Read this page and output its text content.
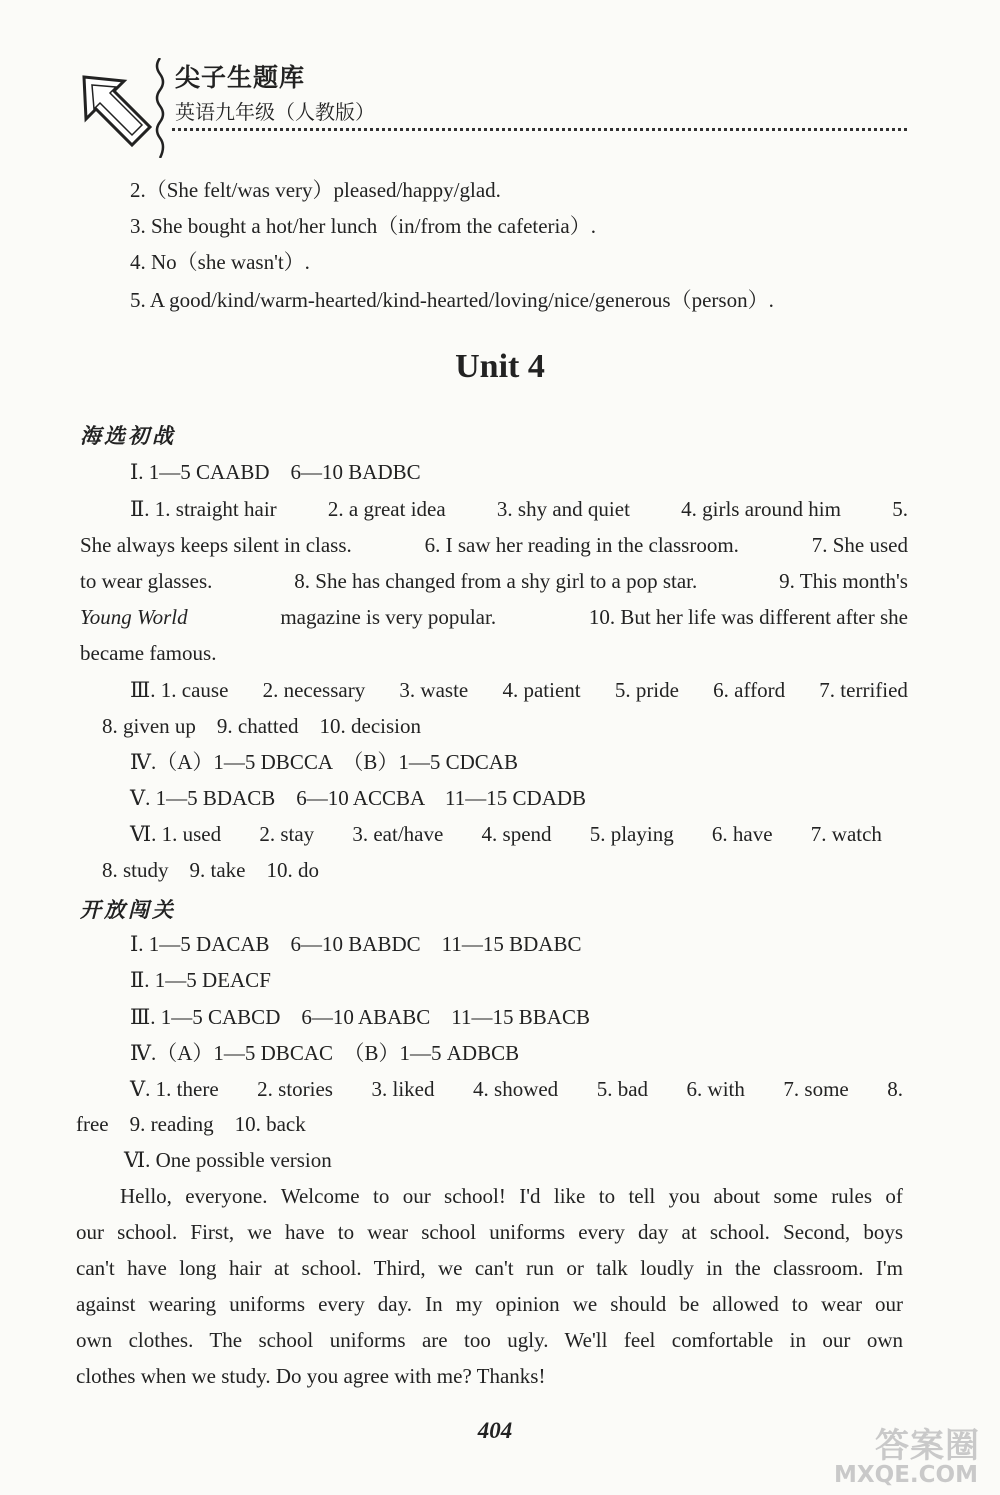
尖子生题库
英语九年级（人教版）
2.（She felt/was very）pleased/happy/glad.
3. She bought a hot/her lunch（in/from the cafeteria）.
4. No（she wasn't）.
5. A good/kind/warm-hearted/kind-hearted/loving/nice/generous（person）.
Unit 4
海选初战
Ⅰ. 1—5 CAABD　6—10 BADBC
Ⅱ. 1. straight hair 2. a great idea 3. shy and quiet 4. girls around him 5.
She always keeps silent in class.	6. I saw her reading in the classroom.	7. She used
to wear glasses.	8. She has changed from a shy girl to a pop star.	9. This month's
Young World	magazine is very popular.	10. But her life was different after she
became famous.
Ⅲ. 1. cause 2. necessary 3. waste 4. patient 5. pride 6. afford 7. terrified
8. given up　9. chatted　10. decision
Ⅳ.（A）1—5 DBCCA　（B）1—5 CDCAB
Ⅴ. 1—5 BDACB　6—10 ACCBA　11—15 CDADB
Ⅵ. 1. used 2. stay 3. eat/have 4. spend 5. playing 6. have 7. watch
8. study　9. take　10. do
开放闯关
Ⅰ. 1—5 DACAB　6—10 BABDC　11—15 BDABC
Ⅱ. 1—5 DEACF
Ⅲ. 1—5 CABCD　6—10 ABABC　11—15 BBACB
Ⅳ.（A）1—5 DBCAC　（B）1—5 ADBCB
Ⅴ. 1. there 2. stories 3. liked 4. showed 5. bad 6. with 7. some 8.
free　9. reading　10. back
Ⅵ. One possible version
Hello, everyone. Welcome to our school! I'd like to tell you about some rules of
our school. First, we have to wear school uniforms every day at school. Second, boys
can't have long hair at school. Third, we can't run or talk loudly in the classroom. I'm
against wearing uniforms every day. In my opinion we should be allowed to wear our
own clothes. The school uniforms are too ugly. We'll feel comfortable in our own
clothes when we study. Do you agree with me? Thanks!
404	答案圈
MXQE.COM
